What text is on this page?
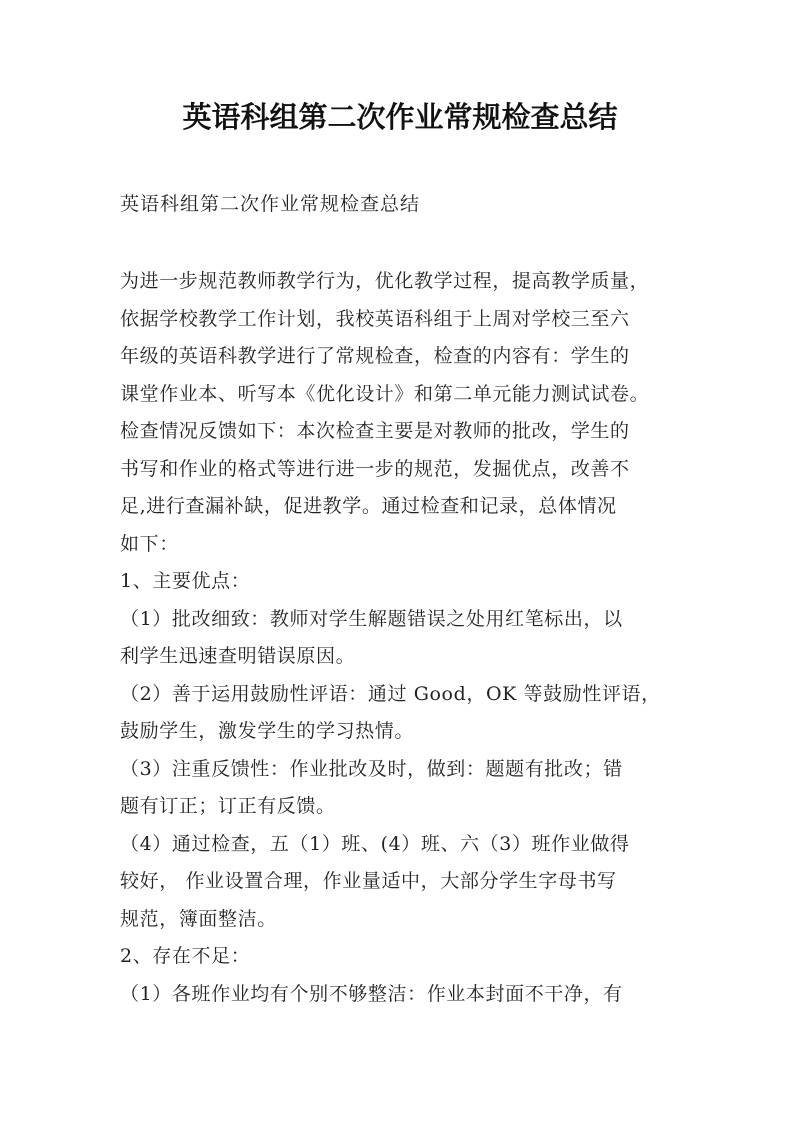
英语科组第二次作业常规检查总结

英语科组第二次作业常规检查总结

为进一步规范教师教学行为，优化教学过程，提高教学质量，
依据学校教学工作计划，我校英语科组于上周对学校三至六
年级的英语科教学进行了常规检查，检查的内容有：学生的
课堂作业本、听写本《优化设计》和第二单元能力测试试卷。
检查情况反馈如下：本次检查主要是对教师的批改，学生的
书写和作业的格式等进行进一步的规范，发掘优点，改善不
足,进行查漏补缺，促进教学。通过检查和记录，总体情况
如下：
1、主要优点：
（1）批改细致：教师对学生解题错误之处用红笔标出，以
利学生迅速查明错误原因。
（2）善于运用鼓励性评语：通过 Good，OK 等鼓励性评语，
鼓励学生，激发学生的学习热情。
（3）注重反馈性：作业批改及时，做到：题题有批改；错
题有订正；订正有反馈。
（4）通过检查，五（1）班、(4）班、六（3）班作业做得
较好， 作业设置合理，作业量适中，大部分学生字母书写
规范，簿面整洁。
2、存在不足：
（1）各班作业均有个别不够整洁：作业本封面不干净，有
